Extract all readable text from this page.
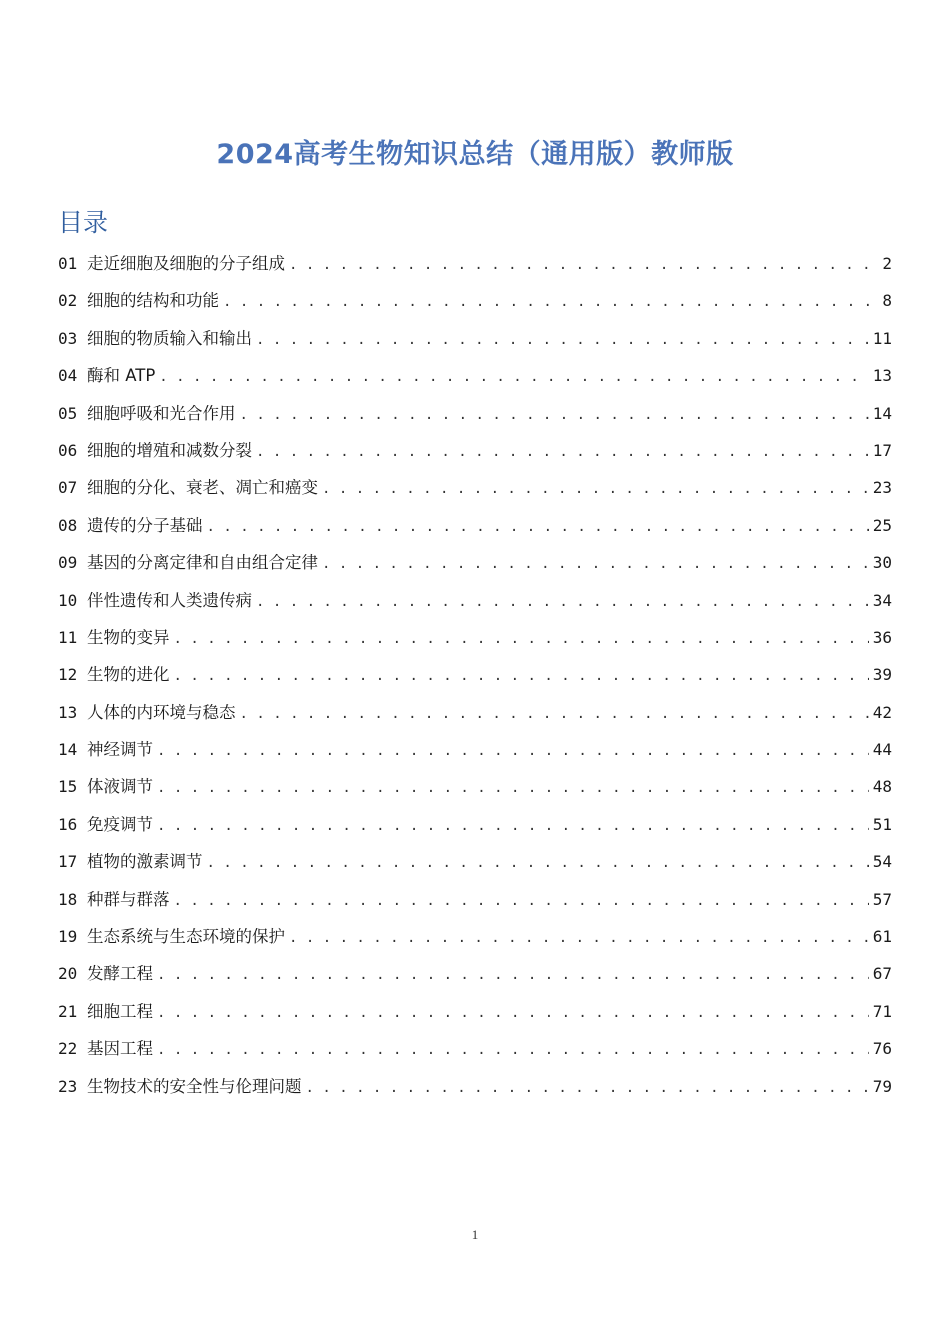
2024高考生物知识总结（通用版）教师版
目录
01 走近细胞及细胞的分子组成 . . .	2
02 细胞的结构和功能 . . .	8
03 细胞的物质输入和输出 . . .	11
04 酶和 ATP . . .	13
05 细胞呼吸和光合作用 . . .	14
06 细胞的增殖和减数分裂 . . .	17
07 细胞的分化、衰老、凋亡和癌变 . . .	23
08 遗传的分子基础 . . .	25
09 基因的分离定律和自由组合定律 . . .	30
10 伴性遗传和人类遗传病 . . .	34
11 生物的变异 . . .	36
12 生物的进化 . . .	39
13 人体的内环境与稳态 . . .	42
14 神经调节 . . .	44
15 体液调节 . . .	48
16 免疫调节 . . .	51
17 植物的激素调节 . . .	54
18 种群与群落 . . .	57
19 生态系统与生态环境的保护 . . .	61
20 发酵工程 . . .	67
21 细胞工程 . . .	71
22 基因工程 . . .	76
23 生物技术的安全性与伦理问题 . . .	79
1
